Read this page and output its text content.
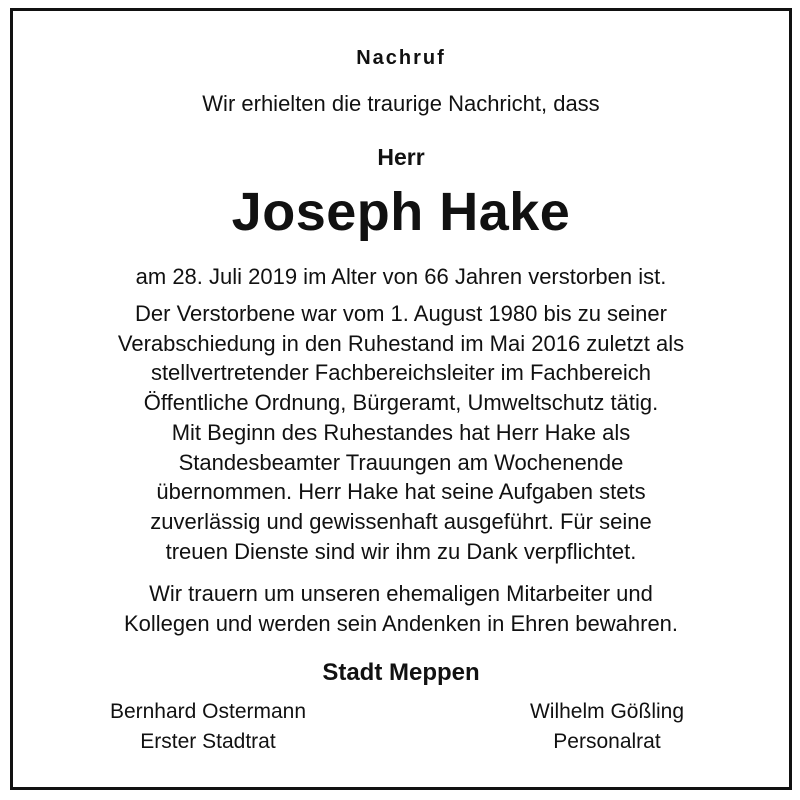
Nachruf
Wir erhielten die traurige Nachricht, dass
Herr
Joseph Hake
am 28. Juli 2019 im Alter von 66 Jahren verstorben ist.
Der Verstorbene war vom 1. August 1980 bis zu seiner
Verabschiedung in den Ruhestand im Mai 2016 zuletzt als
stellvertretender Fachbereichsleiter im Fachbereich
Öffentliche Ordnung, Bürgeramt, Umweltschutz tätig.
Mit Beginn des Ruhestandes hat Herr Hake als
Standesbeamter Trauungen am Wochenende
übernommen. Herr Hake hat seine Aufgaben stets
zuverlässig und gewissenhaft ausgeführt. Für seine
treuen Dienste sind wir ihm zu Dank verpflichtet.
Wir trauern um unseren ehemaligen Mitarbeiter und
Kollegen und werden sein Andenken in Ehren bewahren.
Stadt Meppen
Bernhard Ostermann
Erster Stadtrat
Wilhelm Gößling
Personalrat
